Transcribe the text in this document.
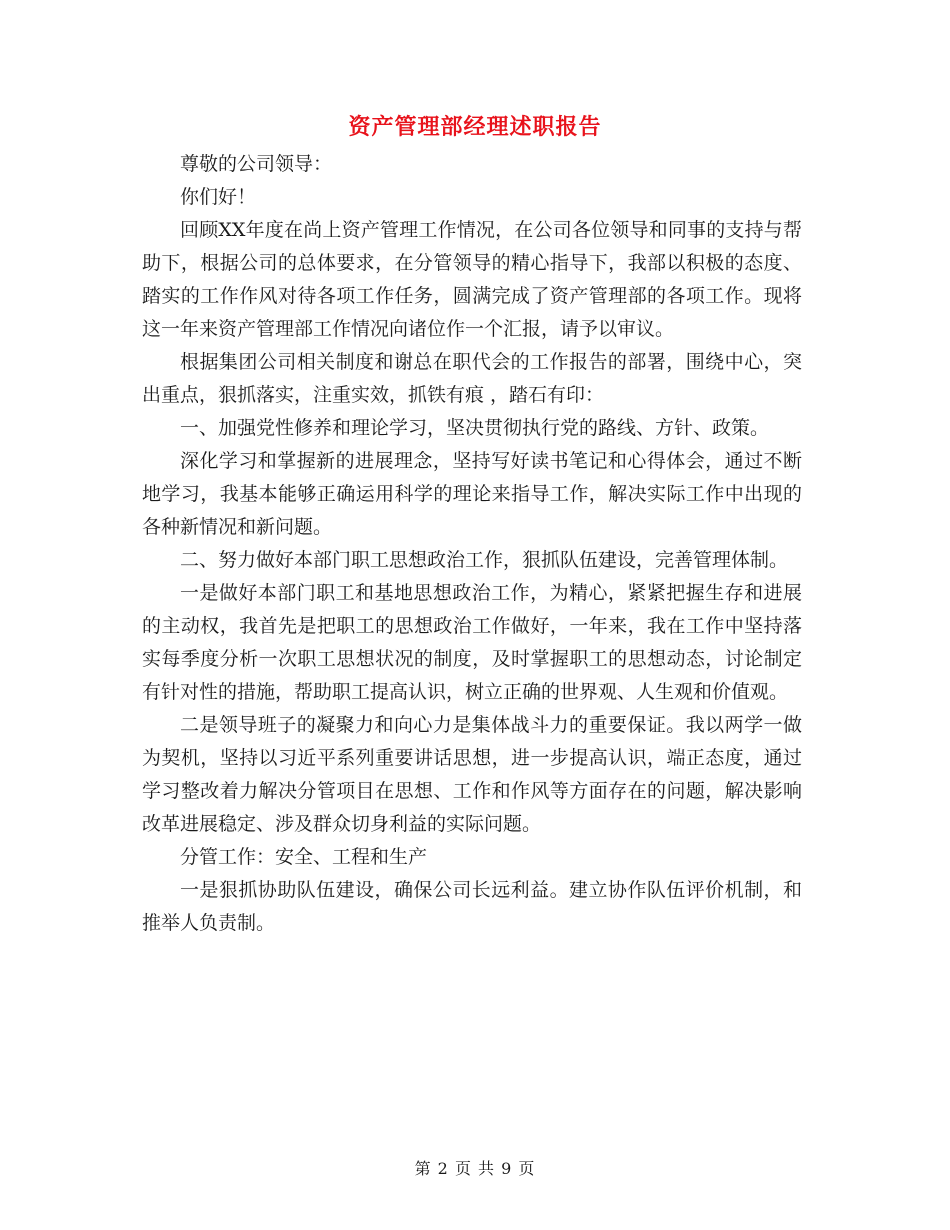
资产管理部经理述职报告

尊敬的公司领导：

你们好！

回顾XX年度在尚上资产管理工作情况，在公司各位领导和同事的支持与帮助下，根据公司的总体要求，在分管领导的精心指导下，我部以积极的态度、踏实的工作作风对待各项工作任务，圆满完成了资产管理部的各项工作。现将这一年来资产管理部工作情况向诸位作一个汇报，请予以审议。

根据集团公司相关制度和谢总在职代会的工作报告的部署，围绕中心，突出重点，狠抓落实，注重实效，抓铁有痕 ，踏石有印：

一、加强党性修养和理论学习，坚决贯彻执行党的路线、方针、政策。

深化学习和掌握新的进展理念，坚持写好读书笔记和心得体会，通过不断地学习，我基本能够正确运用科学的理论来指导工作，解决实际工作中出现的各种新情况和新问题。

二、努力做好本部门职工思想政治工作，狠抓队伍建设，完善管理体制。

一是做好本部门职工和基地思想政治工作，为精心，紧紧把握生存和进展的主动权，我首先是把职工的思想政治工作做好，一年来，我在工作中坚持落实每季度分析一次职工思想状况的制度，及时掌握职工的思想动态，讨论制定有针对性的措施，帮助职工提高认识，树立正确的世界观、人生观和价值观。

二是领导班子的凝聚力和向心力是集体战斗力的重要保证。我以两学一做为契机，坚持以习近平系列重要讲话思想，进一步提高认识，端正态度，通过学习整改着力解决分管项目在思想、工作和作风等方面存在的问题，解决影响改革进展稳定、涉及群众切身利益的实际问题。

分管工作：安全、工程和生产

一是狠抓协助队伍建设，确保公司长远利益。建立协作队伍评价机制，和推举人负责制。

第 2 页 共 9 页
